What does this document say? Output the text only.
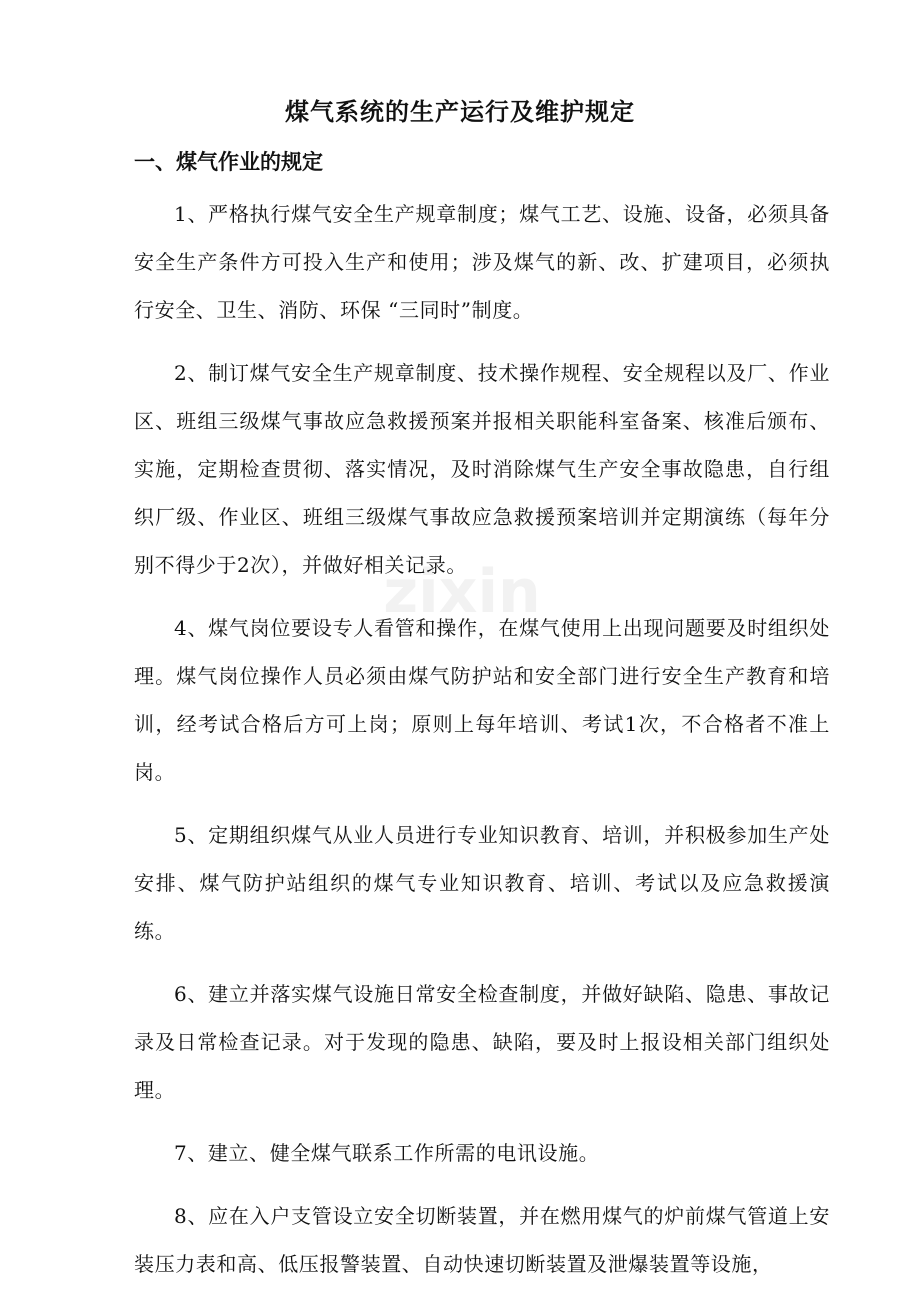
煤气系统的生产运行及维护规定
一、煤气作业的规定
zixin

1、严格执行煤气安全生产规章制度；煤气工艺、设施、设备，必须具备安全生产条件方可投入生产和使用；涉及煤气的新、改、扩建项目，必须执行安全、卫生、消防、环保 “三同时”制度。

2、制订煤气安全生产规章制度、技术操作规程、安全规程以及厂、作业区、班组三级煤气事故应急救援预案并报相关职能科室备案、核准后颁布、实施，定期检查贯彻、落实情况，及时消除煤气生产安全事故隐患，自行组织厂级、作业区、班组三级煤气事故应急救援预案培训并定期演练（每年分别不得少于2次），并做好相关记录。

4、煤气岗位要设专人看管和操作，在煤气使用上出现问题要及时组织处理。煤气岗位操作人员必须由煤气防护站和安全部门进行安全生产教育和培训，经考试合格后方可上岗；原则上每年培训、考试1次，不合格者不准上岗。

5、定期组织煤气从业人员进行专业知识教育、培训，并积极参加生产处安排、煤气防护站组织的煤气专业知识教育、培训、考试以及应急救援演练。

6、建立并落实煤气设施日常安全检查制度，并做好缺陷、隐患、事故记录及日常检查记录。对于发现的隐患、缺陷，要及时上报设相关部门组织处理。

7、建立、健全煤气联系工作所需的电讯设施。

8、应在入户支管设立安全切断装置，并在燃用煤气的炉前煤气管道上安装压力表和高、低压报警装置、自动快速切断装置及泄爆装置等设施，
